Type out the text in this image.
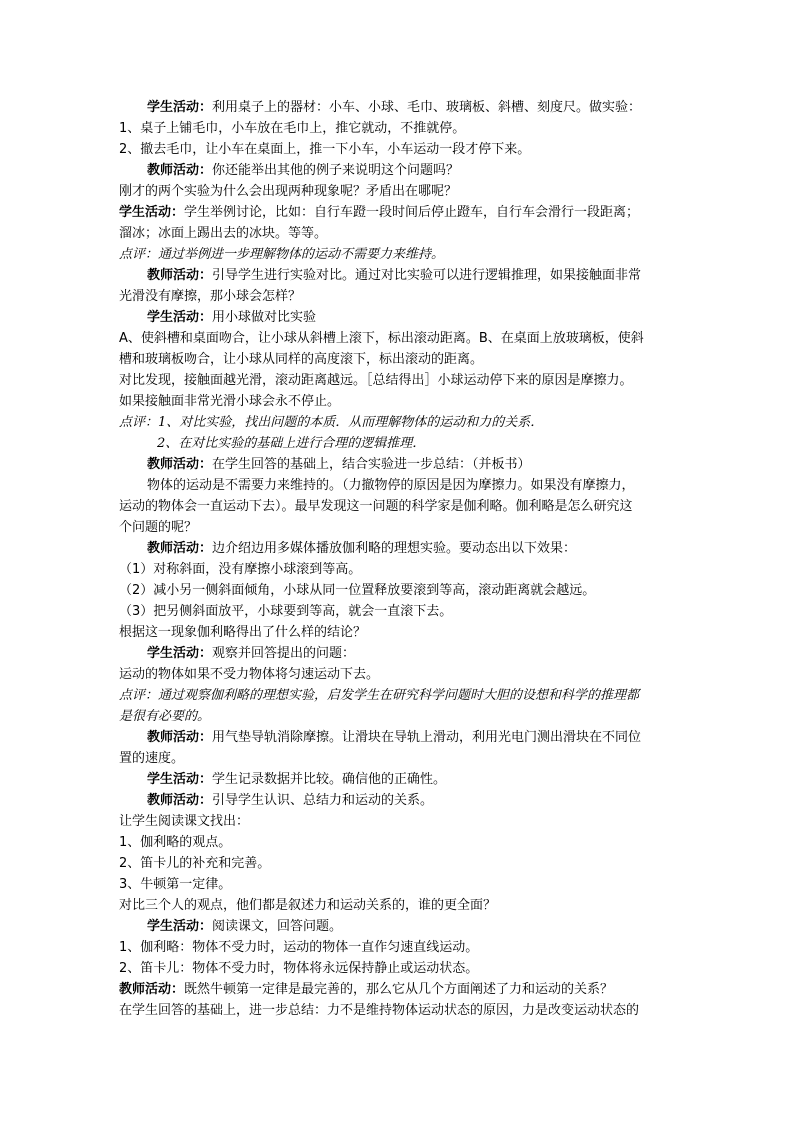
学生活动：利用桌子上的器材：小车、小球、毛巾、玻璃板、斜槽、刻度尺。做实验：
1、桌子上铺毛巾，小车放在毛巾上，推它就动，不推就停。
2、撤去毛巾，让小车在桌面上，推一下小车，小车运动一段才停下来。
教师活动：你还能举出其他的例子来说明这个问题吗？
刚才的两个实验为什么会出现两种现象呢？矛盾出在哪呢？
学生活动：学生举例讨论，比如：自行车蹬一段时间后停止蹬车，自行车会滑行一段距离；
溜冰；冰面上踢出去的冰块。等等。
点评：通过举例进一步理解物体的运动不需要力来维持。
教师活动：引导学生进行实验对比。通过对比实验可以进行逻辑推理，如果接触面非常
光滑没有摩擦，那小球会怎样？
学生活动：用小球做对比实验
A、使斜槽和桌面吻合，让小球从斜槽上滚下，标出滚动距离。B、在桌面上放玻璃板，使斜
槽和玻璃板吻合，让小球从同样的高度滚下，标出滚动的距离。
对比发现，接触面越光滑，滚动距离越远。［总结得出］小球运动停下来的原因是摩擦力。
如果接触面非常光滑小球会永不停止。
点评：1、对比实验，找出问题的本质．从而理解物体的运动和力的关系．
2、在对比实验的基础上进行合理的逻辑推理．
教师活动：在学生回答的基础上，结合实验进一步总结：（并板书）
物体的运动是不需要力来维持的。（力撤物停的原因是因为摩擦力。如果没有摩擦力，
运动的物体会一直运动下去）。最早发现这一问题的科学家是伽利略。伽利略是怎么研究这
个问题的呢？
教师活动：边介绍边用多媒体播放伽利略的理想实验。要动态出以下效果：
（1）对称斜面，没有摩擦小球滚到等高。
（2）减小另一侧斜面倾角，小球从同一位置释放要滚到等高，滚动距离就会越远。
（3）把另侧斜面放平，小球要到等高，就会一直滚下去。
根据这一现象伽利略得出了什么样的结论？
学生活动：观察并回答提出的问题：
运动的物体如果不受力物体将匀速运动下去。
点评：通过观察伽利略的理想实验，启发学生在研究科学问题时大胆的设想和科学的推理都
是很有必要的。
教师活动：用气垫导轨消除摩擦。让滑块在导轨上滑动，利用光电门测出滑块在不同位
置的速度。
学生活动：学生记录数据并比较。确信他的正确性。
教师活动：引导学生认识、总结力和运动的关系。
让学生阅读课文找出：
1、伽利略的观点。
2、笛卡儿的补充和完善。
3、牛顿第一定律。
对比三个人的观点，他们都是叙述力和运动关系的，谁的更全面？
学生活动：阅读课文，回答问题。
1、伽利略：物体不受力时，运动的物体一直作匀速直线运动。
2、笛卡儿：物体不受力时，物体将永远保持静止或运动状态。
教师活动：既然牛顿第一定律是最完善的，那么它从几个方面阐述了力和运动的关系？
在学生回答的基础上，进一步总结：力不是维持物体运动状态的原因，力是改变运动状态的
